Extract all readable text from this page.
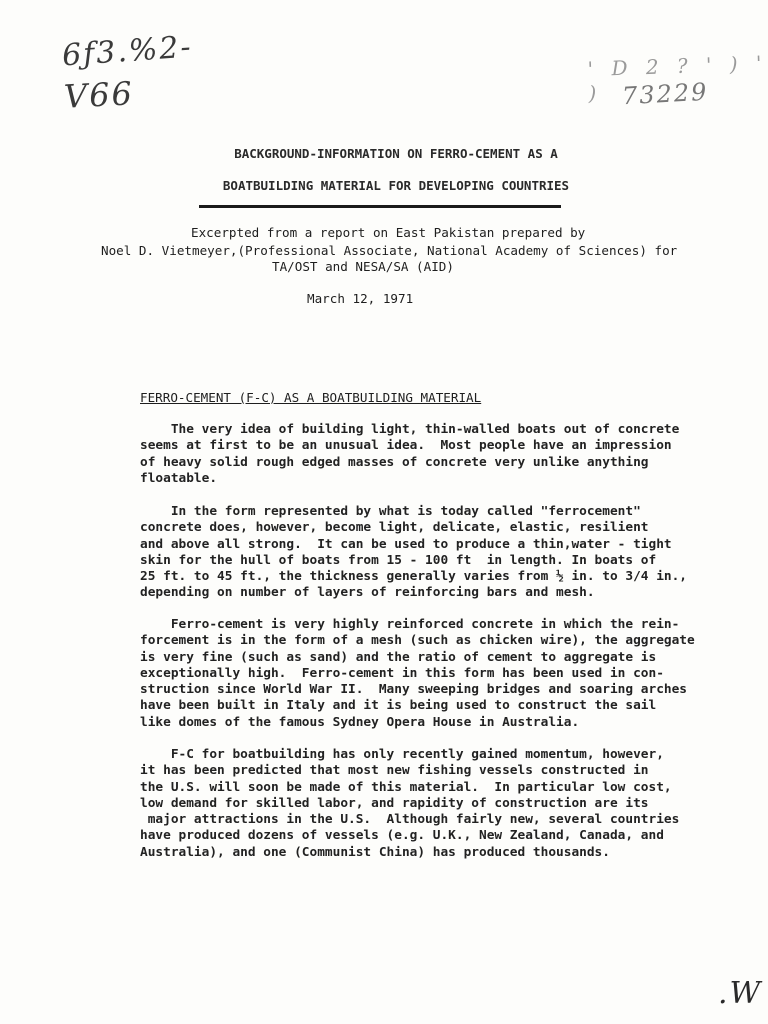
6ƒ3.%2-
V66
' D 2 ? ' ) ' ) 73229
BACKGROUND-INFORMATION ON FERRO-CEMENT AS A
BOATBUILDING MATERIAL FOR DEVELOPING COUNTRIES
Excerpted from a report on East Pakistan prepared by
Noel D. Vietmeyer,(Professional Associate, National Academy of Sciences) for
TA/OST and NESA/SA (AID)
March 12, 1971
FERRO-CEMENT (F-C) AS A BOATBUILDING MATERIAL
The very idea of building light, thin-walled boats out of concrete
seems at first to be an unusual idea.  Most people have an impression
of heavy solid rough edged masses of concrete very unlike anything
floatable.
In the form represented by what is today called "ferrocement"
concrete does, however, become light, delicate, elastic, resilient
and above all strong.  It can be used to produce a thin,water - tight
skin for the hull of boats from 15 - 100 ft  in length. In boats of
25 ft. to 45 ft., the thickness generally varies from ½ in. to 3/4 in.,
depending on number of layers of reinforcing bars and mesh.
Ferro-cement is very highly reinforced concrete in which the rein-
forcement is in the form of a mesh (such as chicken wire), the aggregate
is very fine (such as sand) and the ratio of cement to aggregate is
exceptionally high.  Ferro-cement in this form has been used in con-
struction since World War II.  Many sweeping bridges and soaring arches
have been built in Italy and it is being used to construct the sail
like domes of the famous Sydney Opera House in Australia.
F-C for boatbuilding has only recently gained momentum, however,
it has been predicted that most new fishing vessels constructed in
the U.S. will soon be made of this material.  In particular low cost,
low demand for skilled labor, and rapidity of construction are its
major attractions in the U.S.  Although fairly new, several countries
have produced dozens of vessels (e.g. U.K., New Zealand, Canada, and
Australia), and one (Communist China) has produced thousands.
.W
